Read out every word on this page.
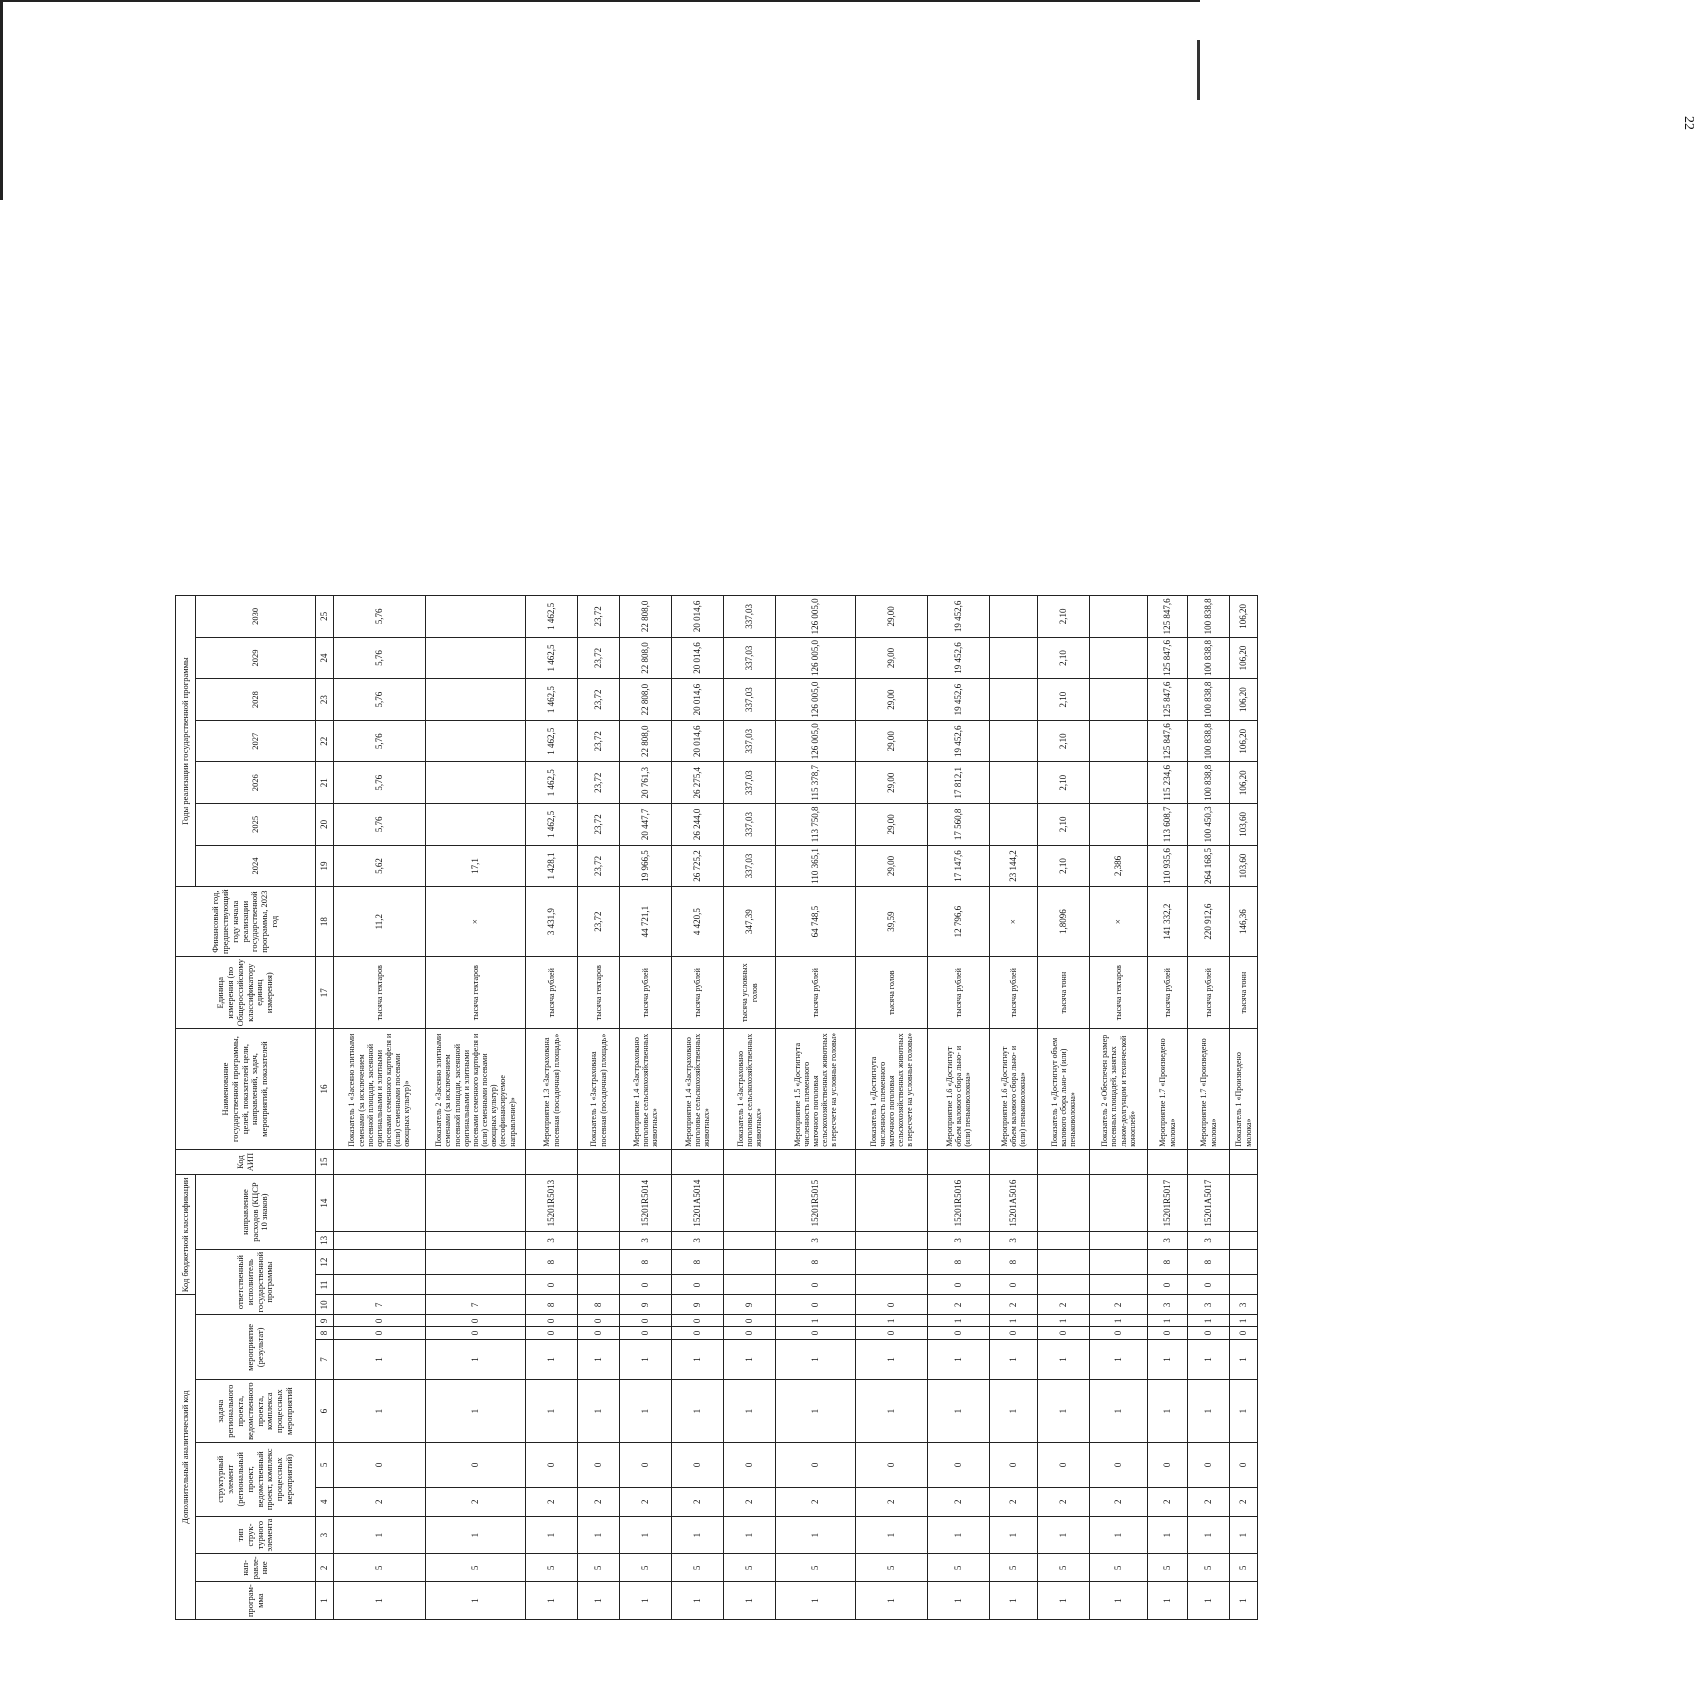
Дополнительный аналитический код										Код бюджетной классификации				Код АИП	Наименование государственной программы, целей, показателей цели, направлений, задач, мероприятий, показателей	Единица измерения (по Общероссийскому классификатору единиц измерения)	Финансовый год, предшествующий году начала реализации государственной программы, 2023 год	Годы реализации государственной программы						
програм-мма	нап-равле-ние	тип струк-турного элемента	структурный элемент (региональный проект, ведомственный проект, комплекс процессных мероприятий)		задача регионального проекта, ведомственного проекта, комплекса процессных мероприятий	мероприятие (результат)			ответственный исполнитель государственной программы			направление расходов (КЦСР 10 знаков)						2024	2025	2026	2027	2028	2029	2030

1	2	3	4	5	6	7	8	9	10	11	12	13	14	15	16	17	18	19	20	21	22	23	24	25
1	5	1	2	0	1	1	0	0	7						Показатель 1 «Засеяно элитными семенами (за исключением посевной площади, засеянной оригинальными и элитными посевами семенного картофеля и (или) семенными посевами овощных культур)»	тысяча гектаров	11,2	5,62	5,76	5,76	5,76	5,76	5,76	5,76
1	5	1	2	0	1	1	0	0	7						Показатель 2 «Засеяно элитными семенами (за исключением посевной площади, засеянной оригинальными и элитными посевами семенного картофеля и (или) семенными посевами овощных культур) (несофинансируемое направление)»	тысяча гектаров	×	17,1						
1	5	1	2	0	1	1	0	0	8	0	8	3	15201R5013		Мероприятие 1.3 «Застрахована посевная (посадочная) площадь»	тысяча рублей	3 431,9	1 428,1	1 462,5	1 462,5	1 462,5	1 462,5	1 462,5	1 462,5
1	5	1	2	0	1	1	0	0	8						Показатель 1 «Застрахована посевная (посадочная) площадь»	тысяча гектаров	23,72	23,72	23,72	23,72	23,72	23,72	23,72	23,72
1	5	1	2	0	1	1	0	0	9	0	8	3	15201R5014		Мероприятие 1.4 «Застраховано поголовье сельскохозяйственных животных»	тысяча рублей	44 721,1	19 966,5	20 447,7	20 761,3	22 808,0	22 808,0	22 808,0	22 808,0
1	5	1	2	0	1	1	0	0	9	0	8	3	15201А5014		Мероприятие 1.4 «Застраховано поголовье сельскохозяйственных животных»	тысяча рублей	4 420,5	26 725,2	26 244,0	26 275,4	20 014,6	20 014,6	20 014,6	20 014,6
1	5	1	2	0	1	1	0	0	9						Показатель 1 «Застраховано поголовье сельскохозяйственных животных»	тысяча условных голов	347,39	337,03	337,03	337,03	337,03	337,03	337,03	337,03
1	5	1	2	0	1	1	0	1	0	0	8	3	15201R5015		Мероприятие 1.5 «Достигнута численность племенного маточного поголовья сельскохозяйственных животных в пересчете на условные головы»	тысяча рублей	64 748,5	110 365,1	113 750,8	115 378,7	126 005,0	126 005,0	126 005,0	126 005,0
1	5	1	2	0	1	1	0	1	0						Показатель 1 «Достигнута численность племенного маточного поголовья сельскохозяйственных животных в пересчете на условные головы»	тысяча голов	39,59	29,00	29,00	29,00	29,00	29,00	29,00	29,00
1	5	1	2	0	1	1	0	1	2	0	8	3	15201R5016		Мероприятие 1.6 «Достигнут объем валового сбора льно- и (или) пеньковолокна»	тысяча рублей	12 796,6	17 147,6	17 560,8	17 812,1	19 452,6	19 452,6	19 452,6	19 452,6
1	5	1	2	0	1	1	0	1	2	0	8	3	15201А5016		Мероприятие 1.6 «Достигнут объем валового сбора льно- и (или) пеньковолокна»	тысяча рублей	×	23 144,2						
1	5	1	2	0	1	1	0	1	2						Показатель 1 «Достигнут объем валового сбора льно- и (или) пеньковолокна»	тысяча тонн	1,8096	2,10	2,10	2,10	2,10	2,10	2,10	2,10
1	5	1	2	0	1	1	0	1	2						Показатель 2 «Обеспечен размер посевных площадей, занятых льном-долгунцом и технической коноплей»	тысяча гектаров	×	2,386						
1	5	1	2	0	1	1	0	1	3	0	8	3	15201R5017		Мероприятие 1.7 «Произведено молока»	тысяча рублей	141 332,2	110 935,6	113 608,7	115 234,6	125 847,6	125 847,6	125 847,6	125 847,6
1	5	1	2	0	1	1	0	1	3	0	8	3	15201А5017		Мероприятие 1.7 «Произведено молока»	тысяча рублей	220 912,6	264 168,5	100 450,3	100 838,8	100 838,8	100 838,8	100 838,8	100 838,8
1	5	1	2	0	1	1	0	1	3						Показатель 1 «Произведено молока»	тысяча тонн	146,36	103,60	103,60	106,20	106,20	106,20	106,20	106,20
22
